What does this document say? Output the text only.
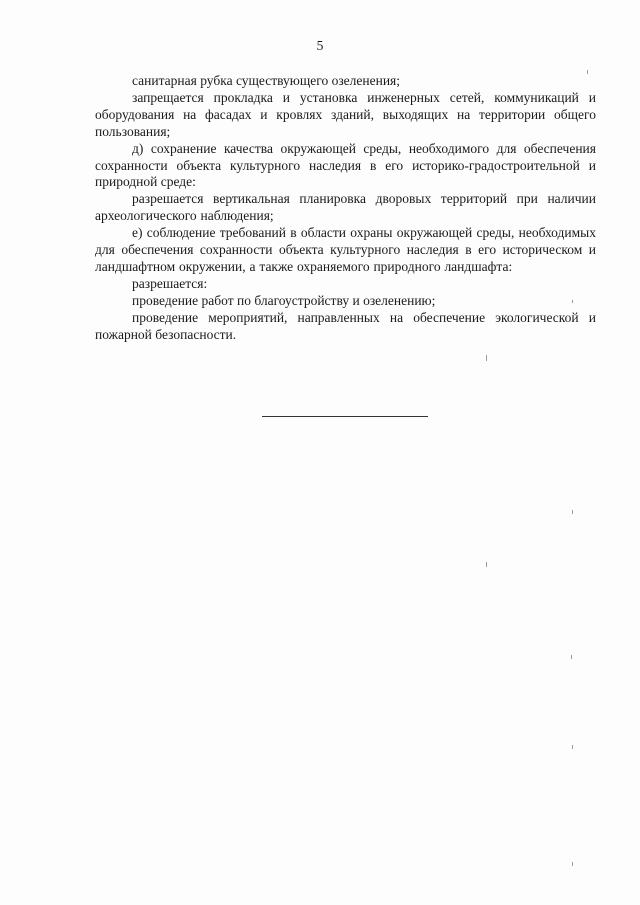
5

санитарная рубка существующего озеленения;

запрещается прокладка и установка инженерных сетей, коммуникаций и оборудования на фасадах и кровлях зданий, выходящих на территории общего пользования;

д) сохранение качества окружающей среды, необходимого для обеспечения сохранности объекта культурного наследия в его историко-градостроительной и природной среде:

разрешается вертикальная планировка дворовых территорий при наличии археологического наблюдения;

е) соблюдение требований в области охраны окружающей среды, необходимых для обеспечения сохранности объекта культурного наследия в его историческом и ландшафтном окружении, а также охраняемого природного ландшафта:

разрешается:

проведение работ по благоустройству и озеленению;

проведение мероприятий, направленных на обеспечение экологической и пожарной безопасности.
